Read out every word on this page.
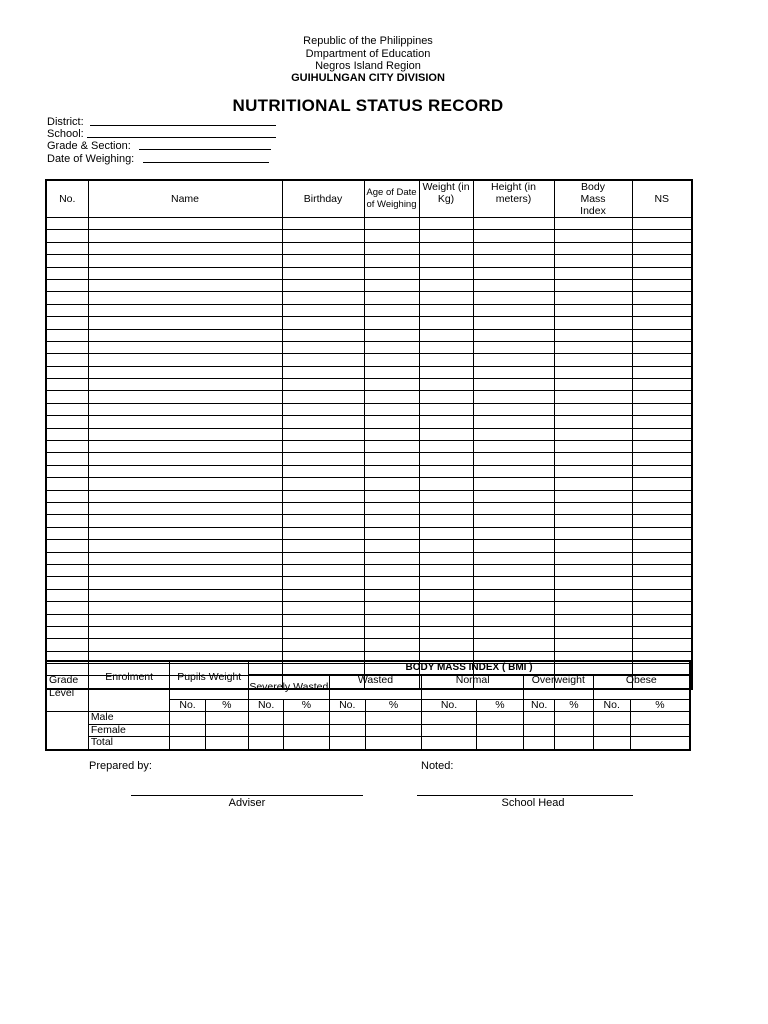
Republic of the Philippines
Dmpartment of Education
Negros Island Region
GUIHULNGAN CITY DIVISION
NUTRITIONAL STATUS RECORD
District:
School:
Grade & Section:
Date of Weighing:
No.	Name	Birthday	Age of Date of Weighing	Weight (in Kg)	Height (in meters)	Body Mass Index	NS

Grade Level	Enrolment	Pupils Weight		BODY MASS INDEX ( BMI )									
				Severely Wasted		Wasted		Normal		Overweight		Obese	
		No.	%	No.	%	No.	%	No.	%	No.	%	No.	%
	Male												
	Female												
	Total												
Prepared by:	Noted:
Adviser	School Head
